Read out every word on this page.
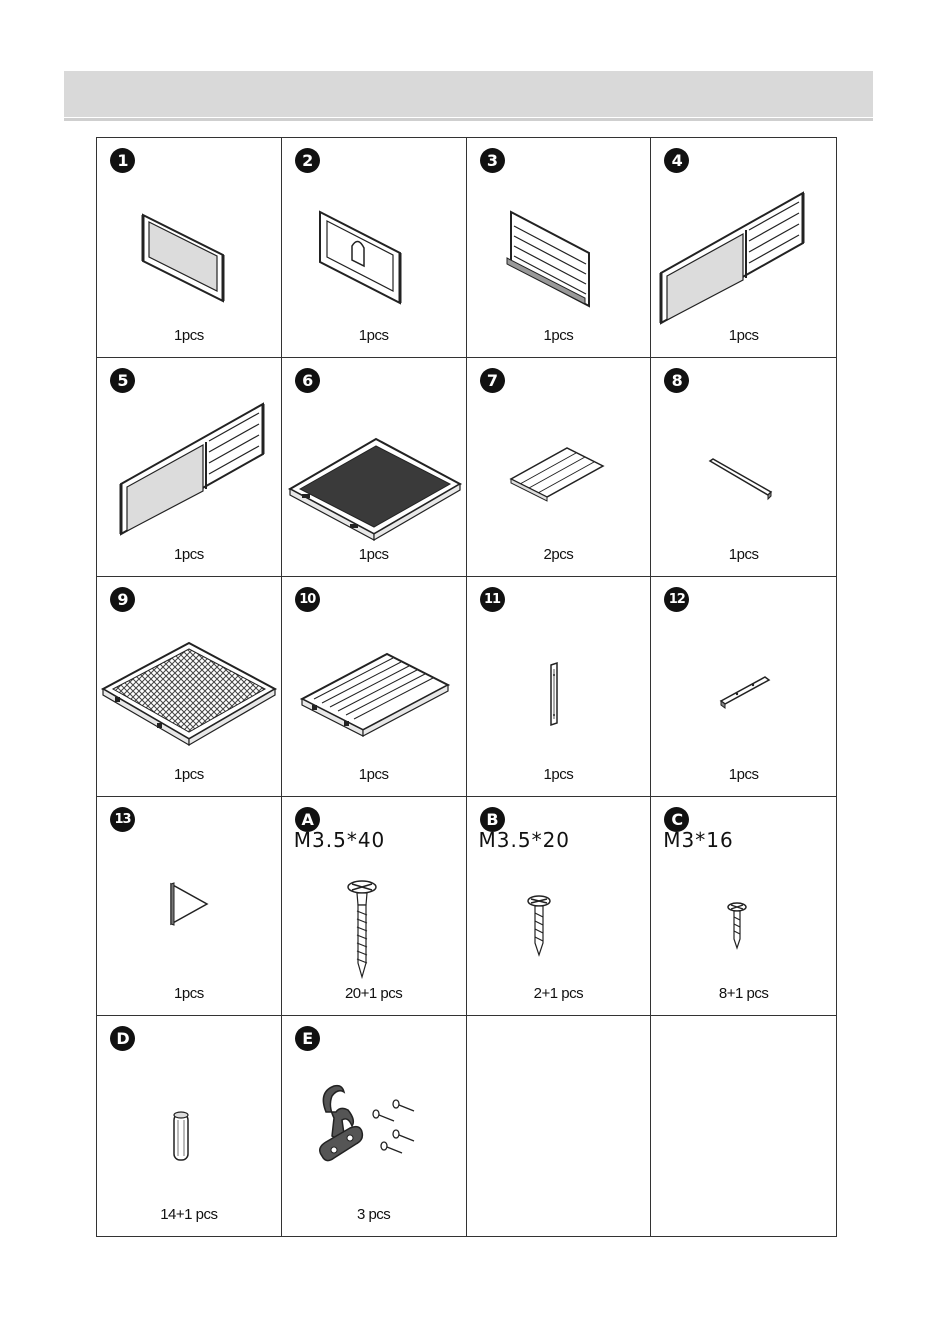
1
1pcs
2
1pcs
3
1pcs
4
1pcs
5
1pcs
6
1pcs
7
2pcs
8
1pcs
9
1pcs
10
1pcs
11
1pcs
12
1pcs
13
1pcs
A
M3.5*40
20+1 pcs
B
M3.5*20
2+1 pcs
C
M3*16
8+1 pcs
D
14+1 pcs
E
3 pcs
